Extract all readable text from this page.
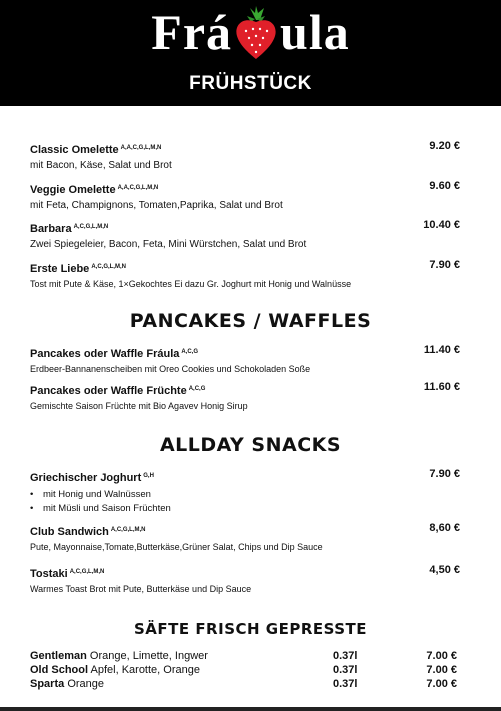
Frá ula
FRÜHSTÜCK
Classic Omelette $^{A,A,C,G,L,M,N}$
mit Bacon, Käse, Salat und Brot
9.20 €
Veggie Omelette $^{A,A,C,G,L,M,N}$
mit Feta, Champignons, Tomaten,Paprika, Salat und Brot
9.60 €
Barbara $^{A,C,G,L,M,N}$
Zwei Spiegeleier, Bacon, Feta, Mini Würstchen, Salat und Brot
10.40 €
Erste Liebe $^{A,C,G,L,M,N}$
Tost mit Pute & Käse, 1×Gekochtes Ei dazu Gr. Joghurt mit Honig und Walnüsse
7.90 €
PANCAKES / WAFFLES
Pancakes oder Waffle Fráula $^{A,C,G}$
Erdbeer-Bannanenscheiben mit Oreo Cookies und Schokoladen Soße
11.40 €
Pancakes oder Waffle Früchte $^{A,C,G}$
Gemischte Saison Früchte mit Bio Agavev Honig Sirup
11.60 €
ALLDAY SNACKS
Griechischer Joghurt $^{G,H}$
• mit Honig und Walnüssen
• mit Müsli und Saison Früchten
7.90 €
Club Sandwich $^{A,C,G,L,M,N}$
Pute, Mayonnaise,Tomate,Butterkäse,Grüner Salat, Chips und Dip Sauce
8,60 €
Tostaki $^{A,C,G,L,M,N}$
Warmes Toast Brot mit Pute, Butterkäse und Dip Sauce
4,50 €
SÄFTE FRISCH GEPRESSTE
Gentleman Orange, Limette, Ingwer	0.37l	7.00 €
Old School Apfel, Karotte, Orange	0.37l	7.00 €
Sparta Orange	0.37l	7.00 €
